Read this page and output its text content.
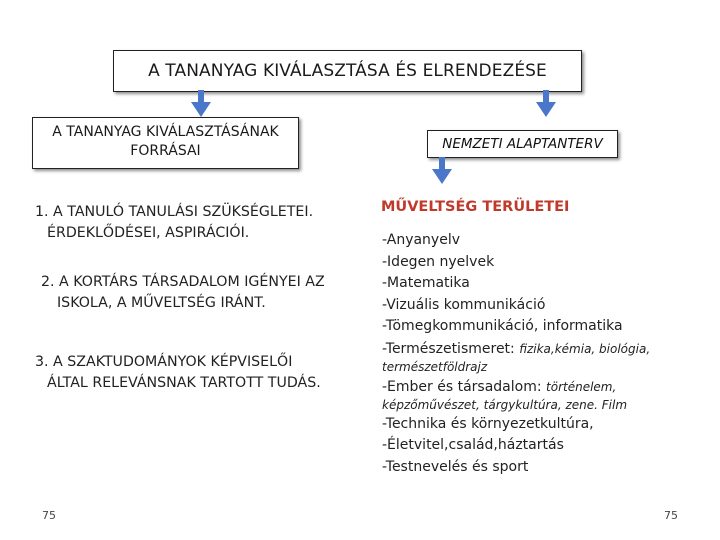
A TANANYAG KIVÁLASZTÁSA ÉS ELRENDEZÉSE
A TANANYAG KIVÁLASZTÁSÁNAK
FORRÁSAI	NEMZETI ALAPTANTERV
1. A TANULÓ TANULÁSI SZÜKSÉGLETEI.
ÉRDEKLŐDÉSEI, ASPIRÁCIÓI.
2. A KORTÁRS TÁRSADALOM IGÉNYEI AZ
ISKOLA, A MŰVELTSÉG IRÁNT.
3. A SZAKTUDOMÁNYOK KÉPVISELŐI
ÁLTAL RELEVÁNSNAK TARTOTT TUDÁS.
MŰVELTSÉG TERÜLETEI
-Anyanyelv
-Idegen nyelvek
-Matematika
-Vizuális kommunikáció
-Tömegkommunikáció, informatika
-Természetismeret: fizika,kémia, biológia,
természetföldrajz
-Ember és társadalom: történelem,
képzőművészet, tárgykultúra, zene. Film
-Technika és környezetkultúra,
-Életvitel,család,háztartás
-Testnevelés és sport
75	75
